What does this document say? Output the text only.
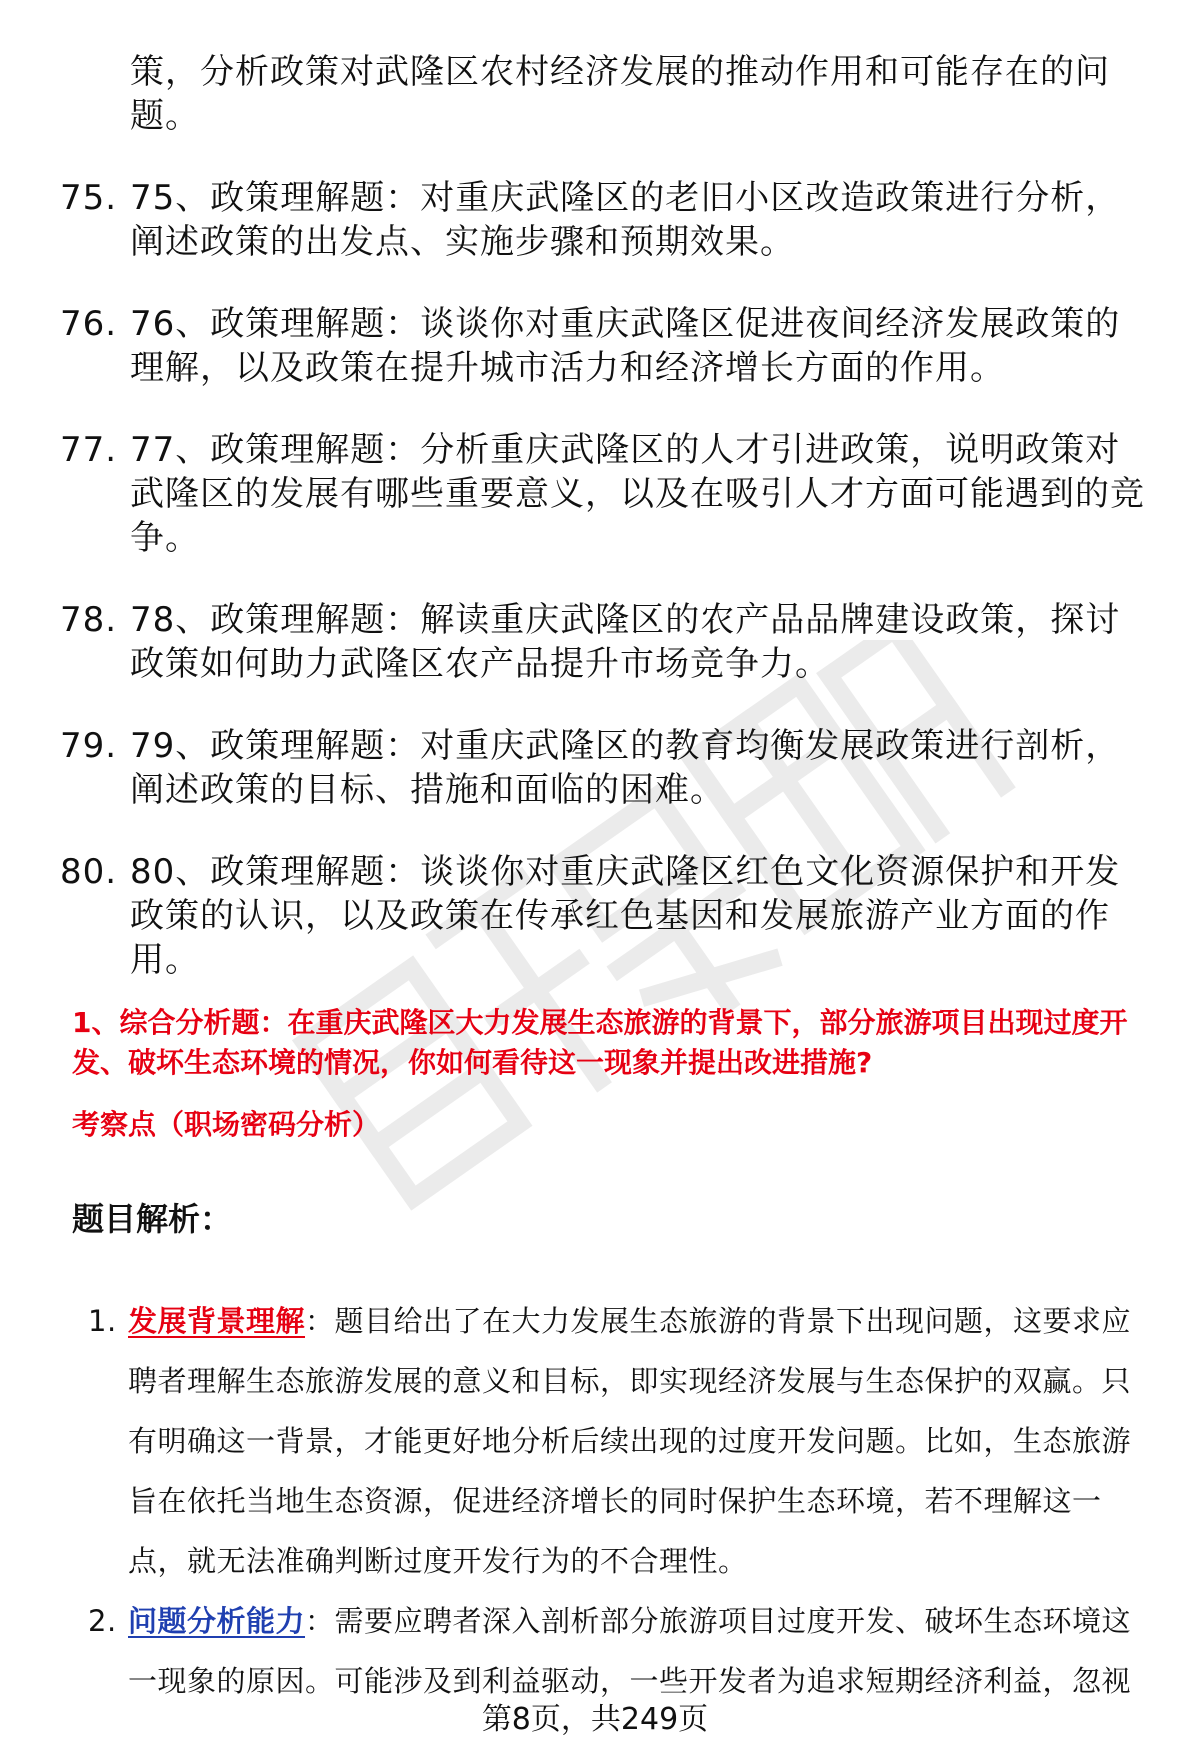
策，分析政策对武隆区农村经济发展的推动作用和可能存在的问题。
75. 75、政策理解题：对重庆武隆区的老旧小区改造政策进行分析，阐述政策的出发点、实施步骤和预期效果。
76. 76、政策理解题：谈谈你对重庆武隆区促进夜间经济发展政策的理解，以及政策在提升城市活力和经济增长方面的作用。
77. 77、政策理解题：分析重庆武隆区的人才引进政策，说明政策对武隆区的发展有哪些重要意义，以及在吸引人才方面可能遇到的竞争。
78. 78、政策理解题：解读重庆武隆区的农产品品牌建设政策，探讨政策如何助力武隆区农产品提升市场竞争力。
79. 79、政策理解题：对重庆武隆区的教育均衡发展政策进行剖析，阐述政策的目标、措施和面临的困难。
80. 80、政策理解题：谈谈你对重庆武隆区红色文化资源保护和开发政策的认识，以及政策在传承红色基因和发展旅游产业方面的作用。

1、综合分析题：在重庆武隆区大力发展生态旅游的背景下，部分旅游项目出现过度开发、破坏生态环境的情况，你如何看待这一现象并提出改进措施?

考察点（职场密码分析）

题目解析：
1. 发展背景理解：题目给出了在大力发展生态旅游的背景下出现问题，这要求应聘者理解生态旅游发展的意义和目标，即实现经济发展与生态保护的双赢。只有明确这一背景，才能更好地分析后续出现的过度开发问题。比如，生态旅游旨在依托当地生态资源，促进经济增长的同时保护生态环境，若不理解这一点，就无法准确判断过度开发行为的不合理性。
2. 问题分析能力：需要应聘者深入剖析部分旅游项目过度开发、破坏生态环境这一现象的原因。可能涉及到利益驱动，一些开发者为追求短期经济利益，忽视
第8页，共249页
